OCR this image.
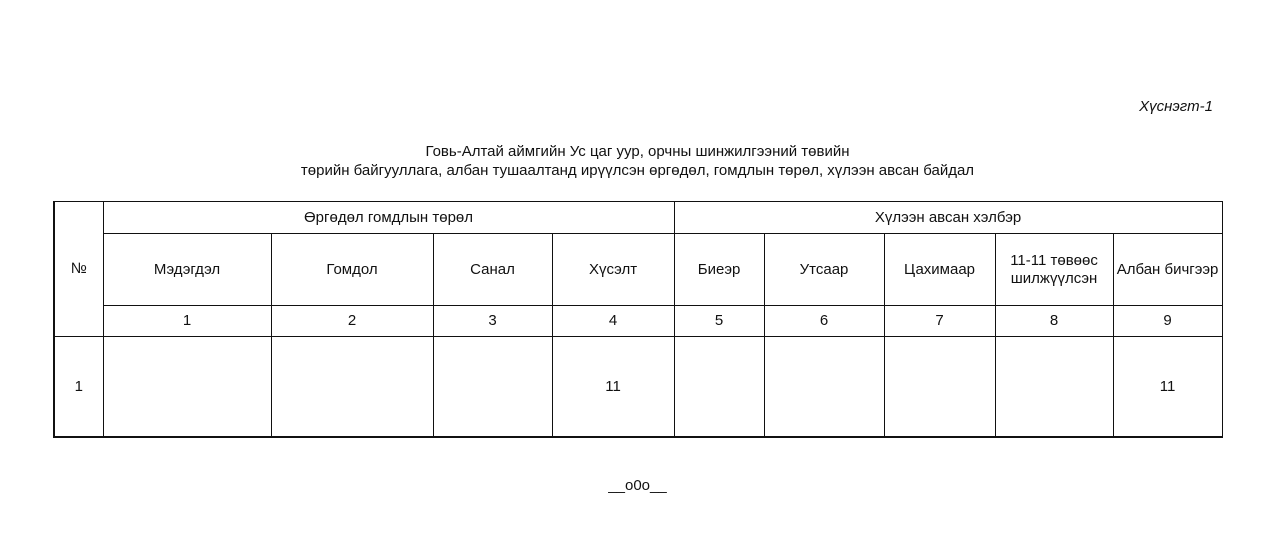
Хүснэгт-1
Говь-Алтай аймгийн Ус цаг уур, орчны шинжилгээний төвийн
төрийн байгууллага, албан тушаалтанд ирүүлсэн өргөдөл, гомдлын төрөл, хүлээн авсан байдал
№	Өргөдөл гомдлын төрөл				Хүлээн авсан хэлбэр				
	Мэдэгдэл	Гомдол	Санал	Хүсэлт	Биеэр	Утсаар	Цахимаар	11-11 төвөөс шилжүүлсэн	Албан бичгээр
	1	2	3	4	5	6	7	8	9
1				11					11
__o0o__
